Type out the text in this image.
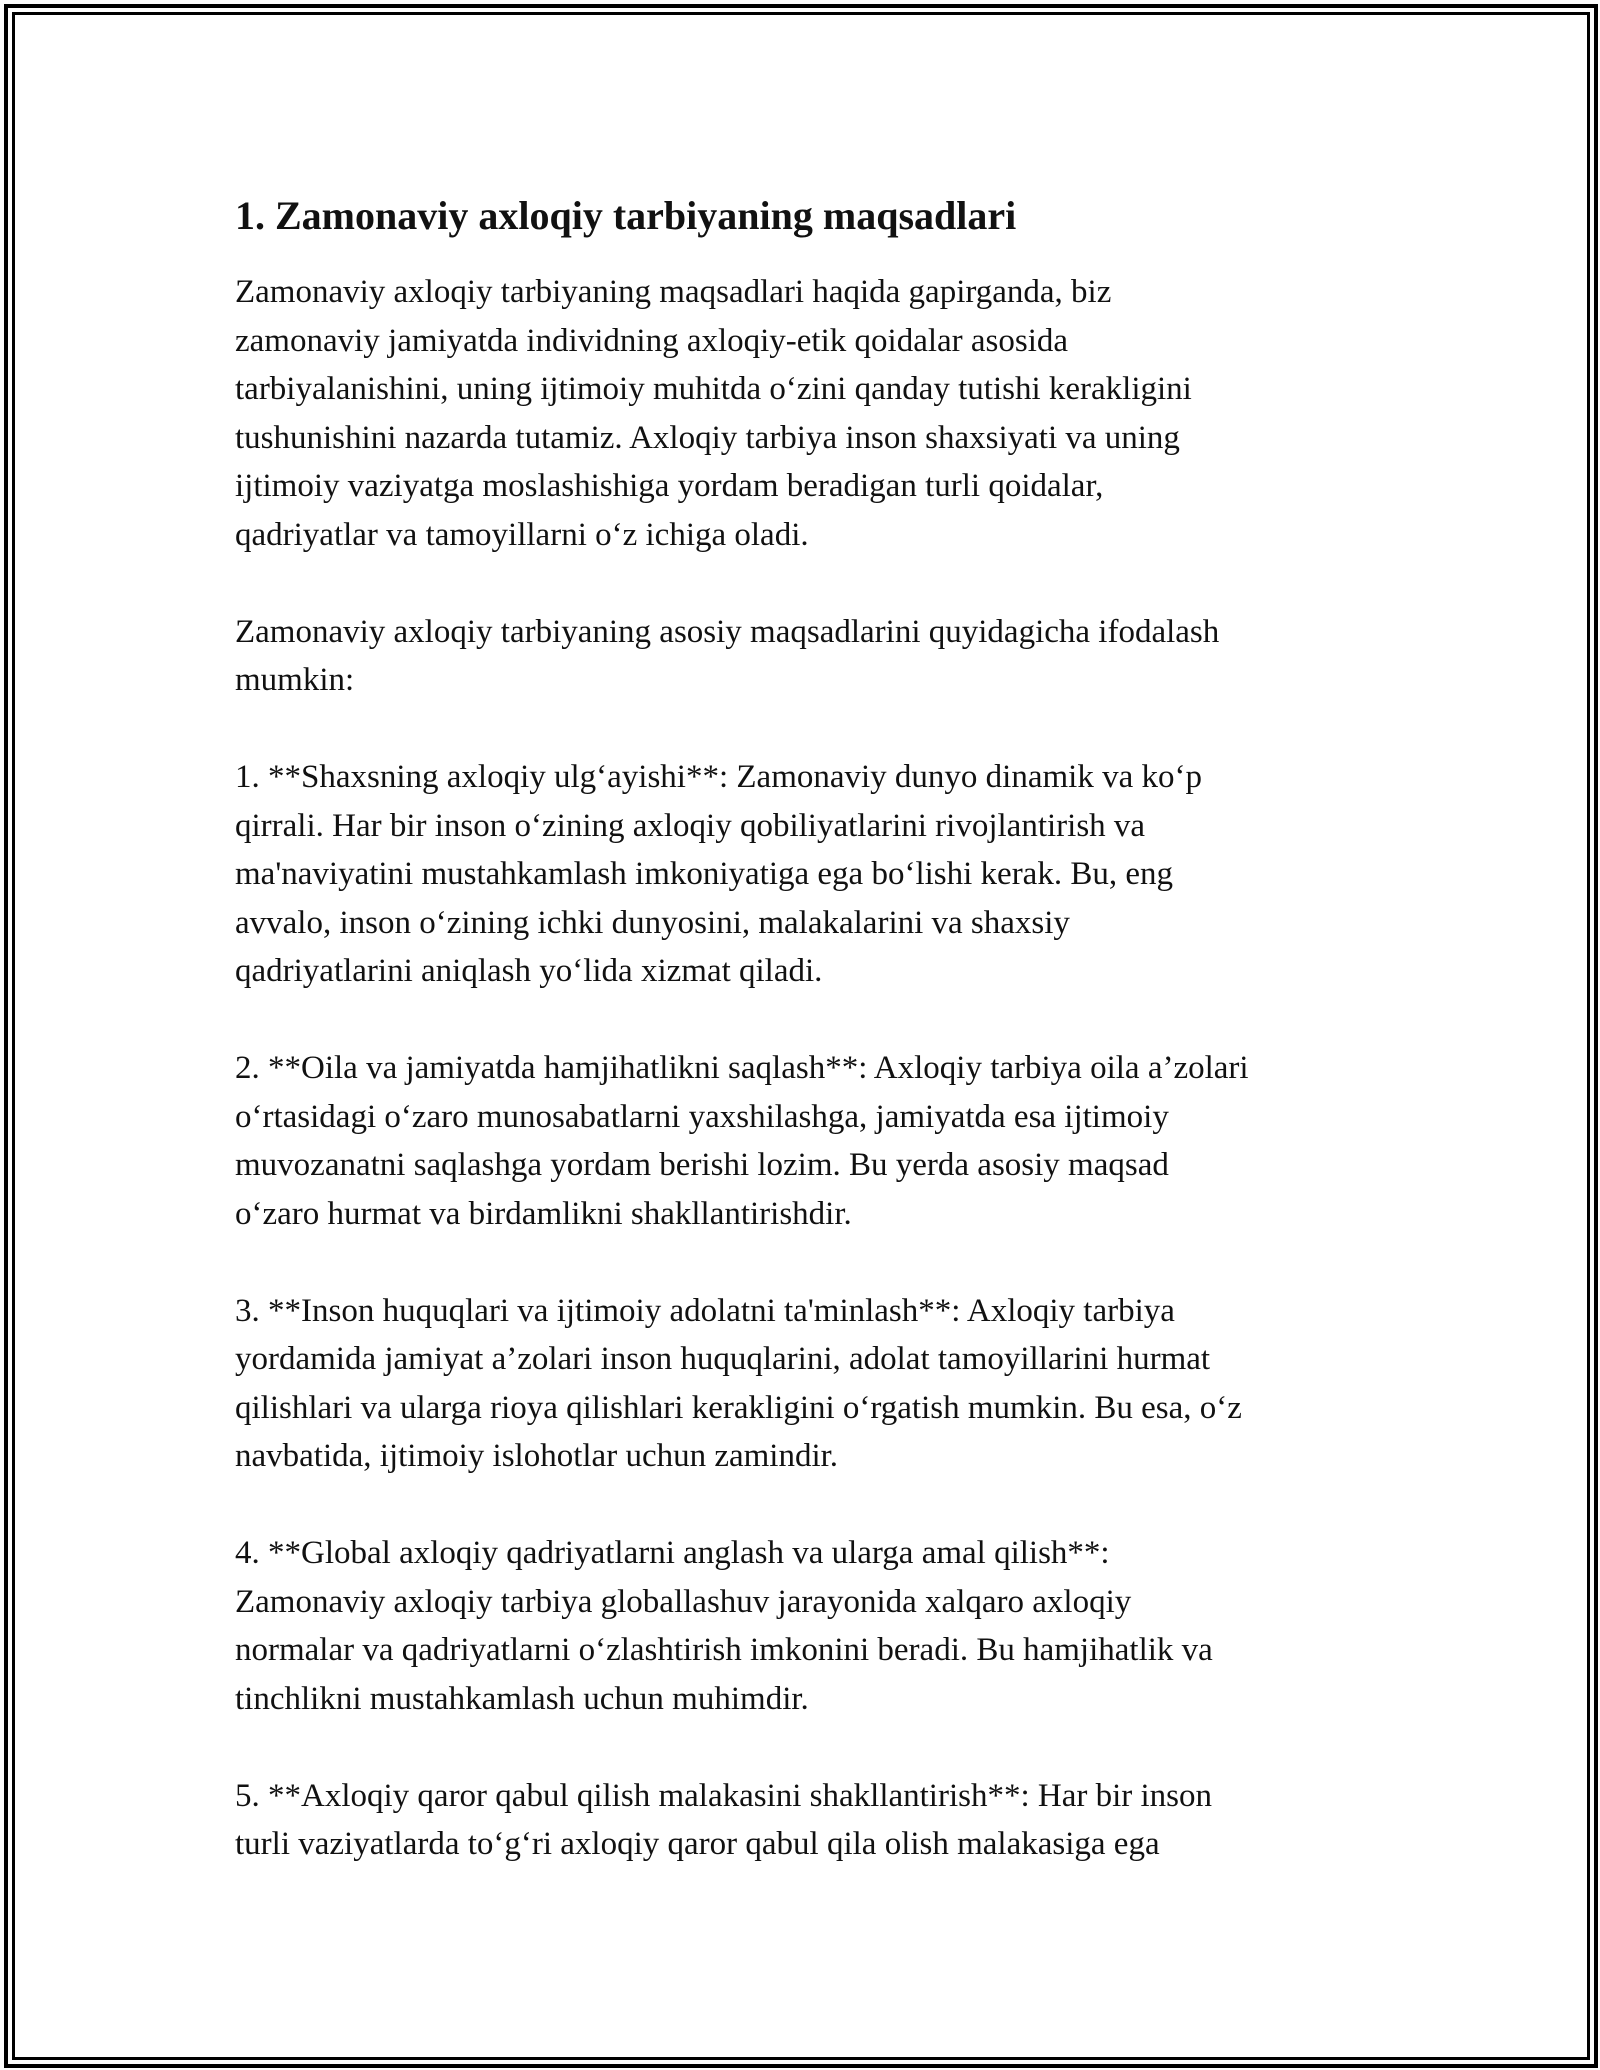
1. Zamonaviy axloqiy tarbiyaning maqsadlari

Zamonaviy axloqiy tarbiyaning maqsadlari haqida gapirganda, biz
zamonaviy jamiyatda individning axloqiy-etik qoidalar asosida
tarbiyalanishini, uning ijtimoiy muhitda o‘zini qanday tutishi kerakligini
tushunishini nazarda tutamiz. Axloqiy tarbiya inson shaxsiyati va uning
ijtimoiy vaziyatga moslashishiga yordam beradigan turli qoidalar,
qadriyatlar va tamoyillarni o‘z ichiga oladi.

Zamonaviy axloqiy tarbiyaning asosiy maqsadlarini quyidagicha ifodalash
mumkin:

1. **Shaxsning axloqiy ulg‘ayishi**: Zamonaviy dunyo dinamik va ko‘p
qirrali. Har bir inson o‘zining axloqiy qobiliyatlarini rivojlantirish va
ma'naviyatini mustahkamlash imkoniyatiga ega bo‘lishi kerak. Bu, eng
avvalo, inson o‘zining ichki dunyosini, malakalarini va shaxsiy
qadriyatlarini aniqlash yo‘lida xizmat qiladi.

2. **Oila va jamiyatda hamjihatlikni saqlash**: Axloqiy tarbiya oila a’zolari
o‘rtasidagi o‘zaro munosabatlarni yaxshilashga, jamiyatda esa ijtimoiy
muvozanatni saqlashga yordam berishi lozim. Bu yerda asosiy maqsad
o‘zaro hurmat va birdamlikni shakllantirishdir.

3. **Inson huquqlari va ijtimoiy adolatni ta'minlash**: Axloqiy tarbiya
yordamida jamiyat a’zolari inson huquqlarini, adolat tamoyillarini hurmat
qilishlari va ularga rioya qilishlari kerakligini o‘rgatish mumkin. Bu esa, o‘z
navbatida, ijtimoiy islohotlar uchun zamindir.

4. **Global axloqiy qadriyatlarni anglash va ularga amal qilish**:
Zamonaviy axloqiy tarbiya globallashuv jarayonida xalqaro axloqiy
normalar va qadriyatlarni o‘zlashtirish imkonini beradi. Bu hamjihatlik va
tinchlikni mustahkamlash uchun muhimdir.

5. **Axloqiy qaror qabul qilish malakasini shakllantirish**: Har bir inson
turli vaziyatlarda to‘g‘ri axloqiy qaror qabul qila olish malakasiga ega
